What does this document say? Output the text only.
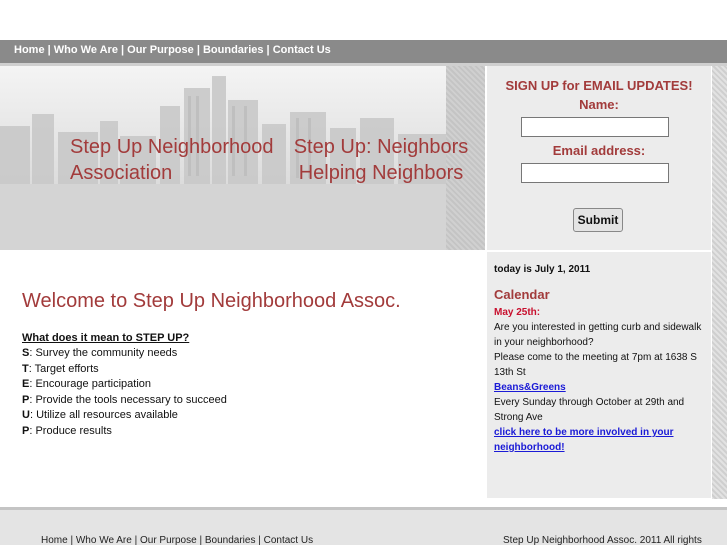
Home | Who We Are | Our Purpose | Boundaries | Contact Us
Step Up Neighborhood
Association
Step Up: Neighbors
Helping Neighbors
SIGN UP for EMAIL UPDATES!
Name:
Email address:
Submit
Welcome to Step Up Neighborhood Assoc.
What does it mean to STEP UP?
S: Survey the community needs
T: Target efforts
E: Encourage participation
P: Provide the tools necessary to succeed
U: Utilize all resources available
P: Produce results
today is July 1, 2011
Calendar
May 25th:
Are you interested in getting curb and sidewalk in your neighborhood?
Please come to the meeting at 7pm at 1638 S 13th St
Beans&Greens
Every Sunday through October at 29th and Strong Ave
click here to be more involved in your neighborhood!
Home | Who We Are | Our Purpose | Boundaries | Contact Us	Step Up Neighborhood Assoc. 2011 All rights
